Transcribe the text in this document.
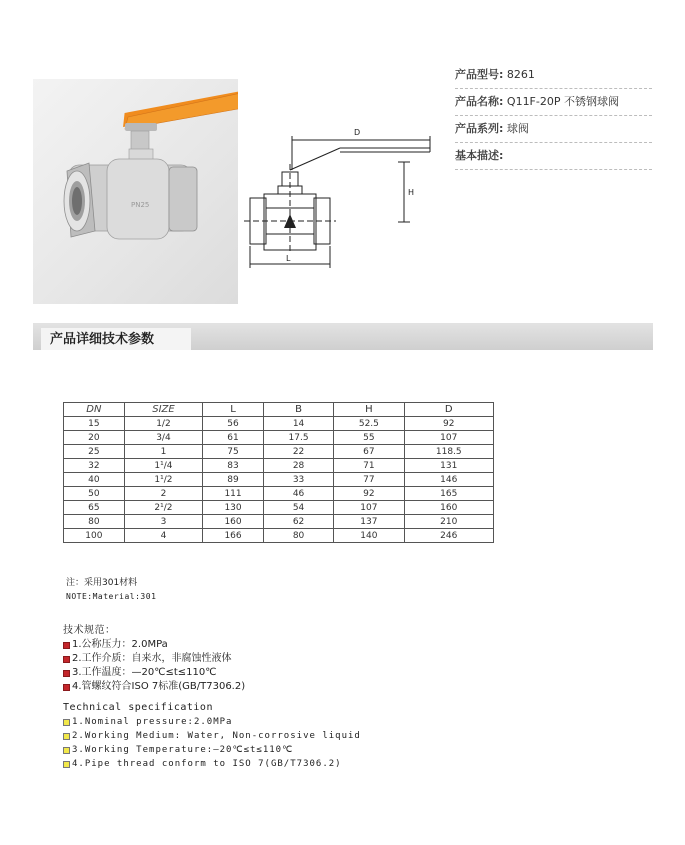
PN25
D
H
L
产品型号: 8261
产品名称: Q11F-20P 不锈钢球阀
产品系列: 球阀
基本描述:
产品详细技术参数
DN	SIZE	L	B	H	D
15	1/2	56	14	52.5	92
20	3/4	61	17.5	55	107
25	1	75	22	67	118.5
32	1¹/4	83	28	71	131
40	1¹/2	89	33	77	146
50	2	111	46	92	165
65	2¹/2	130	54	107	160
80	3	160	62	137	210
100	4	166	80	140	246
注：采用301材料
NOTE:Material:301
技术规范：
1.公称压力：2.0MPa
2.工作介质：自来水，非腐蚀性液体
3.工作温度：—20℃≤t≤110℃
4.管螺纹符合ISO 7标准(GB/T7306.2)
Technical specification
1.Nominal pressure:2.0MPa
2.Working Medium: Water, Non-corrosive liquid
3.Working Temperature:—20℃≤t≤110℃
4.Pipe thread conform to ISO 7(GB/T7306.2)
